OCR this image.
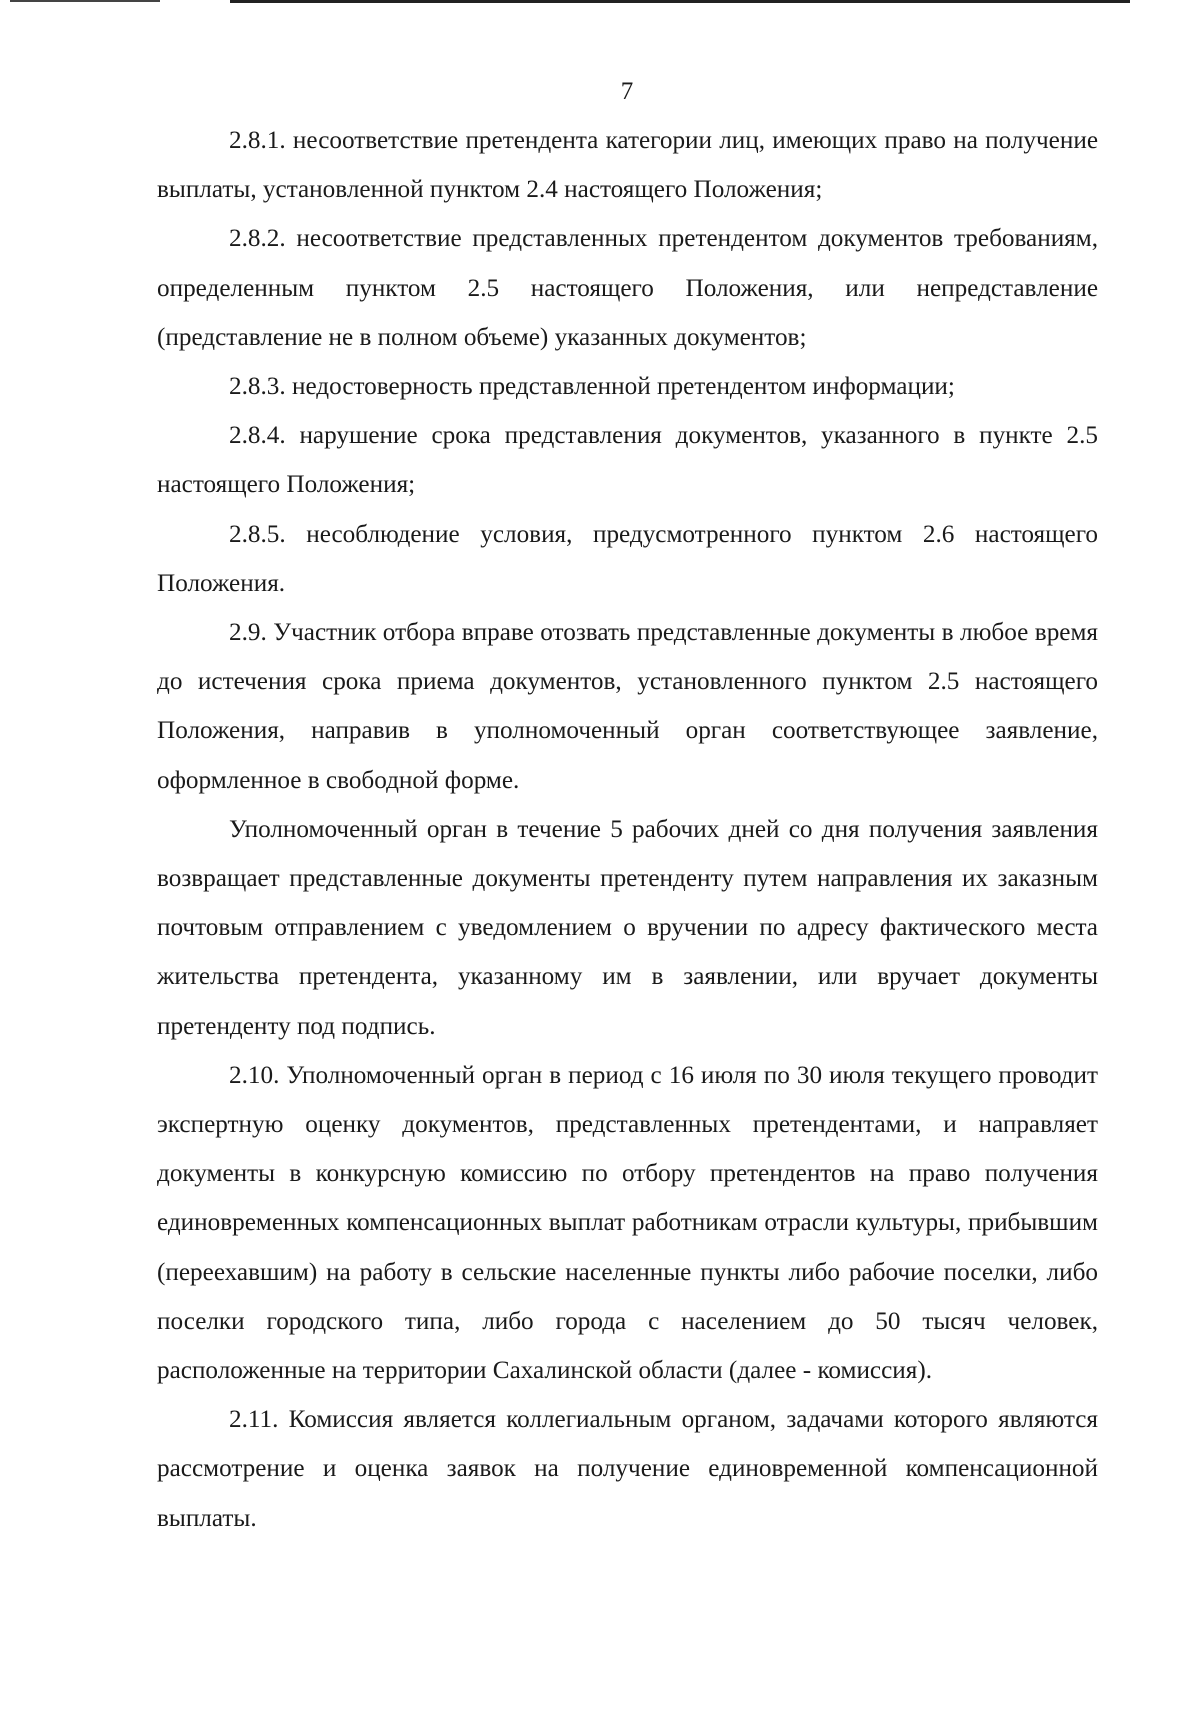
7

2.8.1. несоответствие претендента категории лиц, имеющих право на получение выплаты, установленной пунктом 2.4 настоящего Положения;

2.8.2. несоответствие представленных претендентом документов требованиям, определенным пунктом 2.5 настоящего Положения, или непредставление (представление не в полном объеме) указанных документов;

2.8.3. недостоверность представленной претендентом информации;

2.8.4. нарушение срока представления документов, указанного в пункте 2.5 настоящего Положения;

2.8.5. несоблюдение условия, предусмотренного пунктом 2.6 настоящего Положения.

2.9. Участник отбора вправе отозвать представленные документы в любое время до истечения срока приема документов, установленного пунктом 2.5 настоящего Положения, направив в уполномоченный орган соответствующее заявление, оформленное в свободной форме.

Уполномоченный орган в течение 5 рабочих дней со дня получения заявления возвращает представленные документы претенденту путем направления их заказным почтовым отправлением с уведомлением о вручении по адресу фактического места жительства претендента, указанному им в заявлении, или вручает документы претенденту под подпись.

2.10. Уполномоченный орган в период с 16 июля по 30 июля текущего проводит экспертную оценку документов, представленных претендентами, и направляет документы в конкурсную комиссию по отбору претендентов на право получения единовременных компенсационных выплат работникам отрасли культуры, прибывшим (переехавшим) на работу в сельские населенные пункты либо рабочие поселки, либо поселки городского типа, либо города с населением до 50 тысяч человек, расположенные на территории Сахалинской области (далее - комиссия).

2.11. Комиссия является коллегиальным органом, задачами которого являются рассмотрение и оценка заявок на получение единовременной компенсационной выплаты.
